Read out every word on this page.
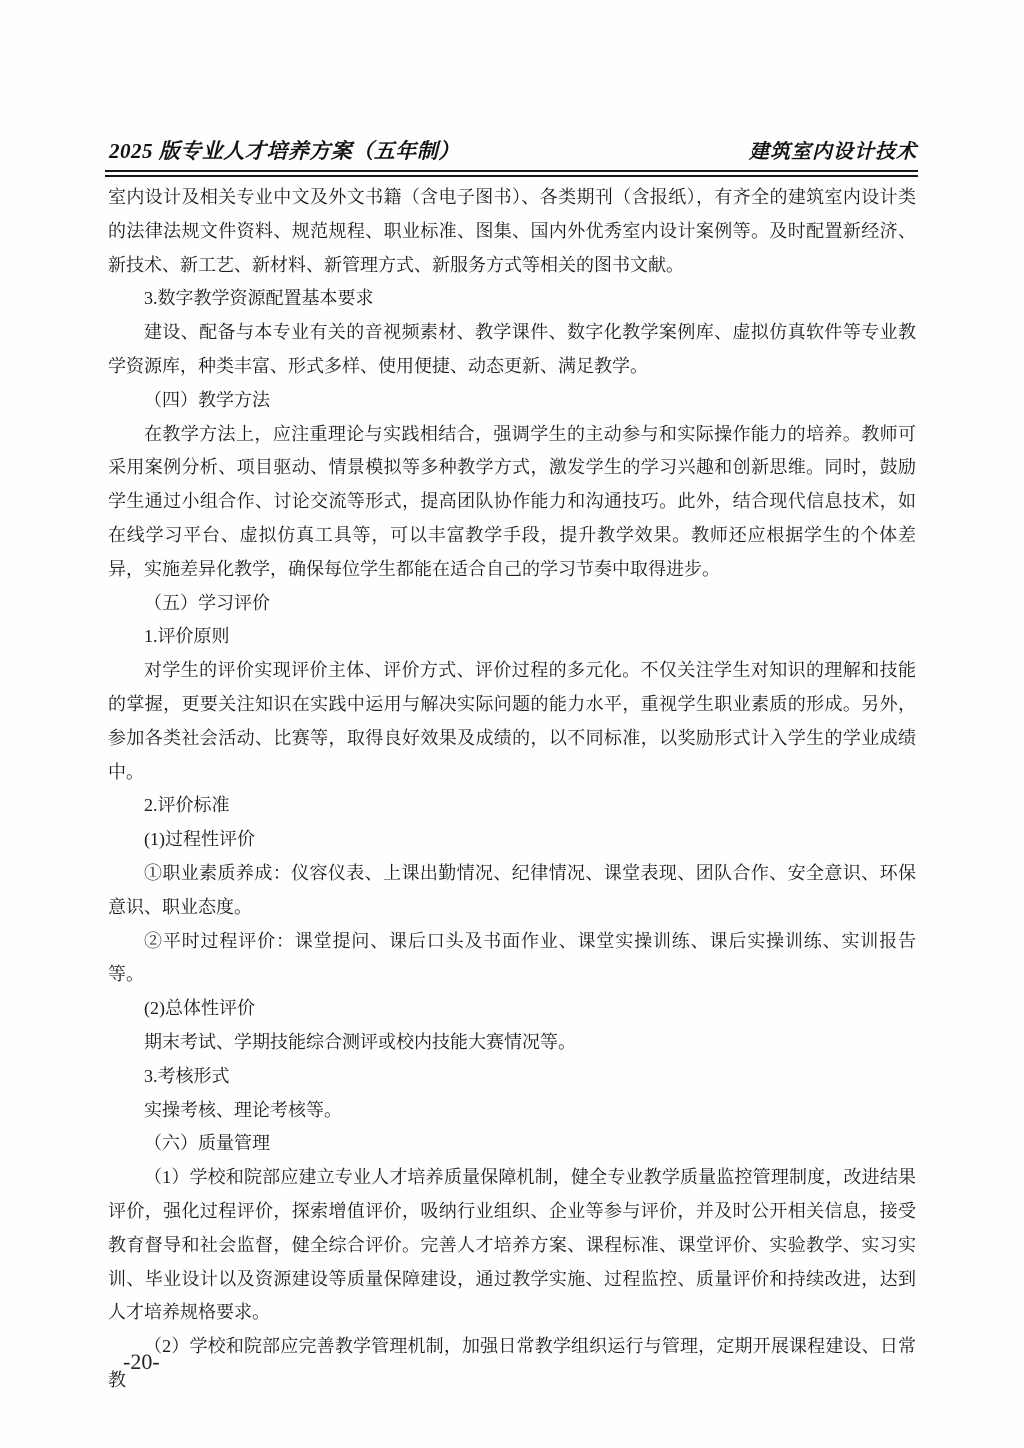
2025 版专业人才培养方案（五年制）	建筑室内设计技术

室内设计及相关专业中文及外文书籍（含电子图书）、各类期刊（含报纸），有齐全的建筑室内设计类的法律法规文件资料、规范规程、职业标准、图集、国内外优秀室内设计案例等。及时配置新经济、新技术、新工艺、新材料、新管理方式、新服务方式等相关的图书文献。

3.数字教学资源配置基本要求

建设、配备与本专业有关的音视频素材、教学课件、数字化教学案例库、虚拟仿真软件等专业教学资源库，种类丰富、形式多样、使用便捷、动态更新、满足教学。

（四）教学方法

在教学方法上，应注重理论与实践相结合，强调学生的主动参与和实际操作能力的培养。教师可采用案例分析、项目驱动、情景模拟等多种教学方式，激发学生的学习兴趣和创新思维。同时，鼓励学生通过小组合作、讨论交流等形式，提高团队协作能力和沟通技巧。此外，结合现代信息技术，如在线学习平台、虚拟仿真工具等，可以丰富教学手段，提升教学效果。教师还应根据学生的个体差异，实施差异化教学，确保每位学生都能在适合自己的学习节奏中取得进步。

（五）学习评价

1.评价原则

对学生的评价实现评价主体、评价方式、评价过程的多元化。不仅关注学生对知识的理解和技能的掌握，更要关注知识在实践中运用与解决实际问题的能力水平，重视学生职业素质的形成。另外，参加各类社会活动、比赛等，取得良好效果及成绩的，以不同标准，以奖励形式计入学生的学业成绩中。

2.评价标准

(1)过程性评价

①职业素质养成：仪容仪表、上课出勤情况、纪律情况、课堂表现、团队合作、安全意识、环保意识、职业态度。

②平时过程评价：课堂提问、课后口头及书面作业、课堂实操训练、课后实操训练、实训报告等。

(2)总体性评价

期末考试、学期技能综合测评或校内技能大赛情况等。

3.考核形式

实操考核、理论考核等。

（六）质量管理

（1）学校和院部应建立专业人才培养质量保障机制，健全专业教学质量监控管理制度，改进结果评价，强化过程评价，探索增值评价，吸纳行业组织、企业等参与评价，并及时公开相关信息，接受教育督导和社会监督，健全综合评价。完善人才培养方案、课程标准、课堂评价、实验教学、实习实训、毕业设计以及资源建设等质量保障建设，通过教学实施、过程监控、质量评价和持续改进，达到人才培养规格要求。

（2）学校和院部应完善教学管理机制，加强日常教学组织运行与管理，定期开展课程建设、日常教

-20-
